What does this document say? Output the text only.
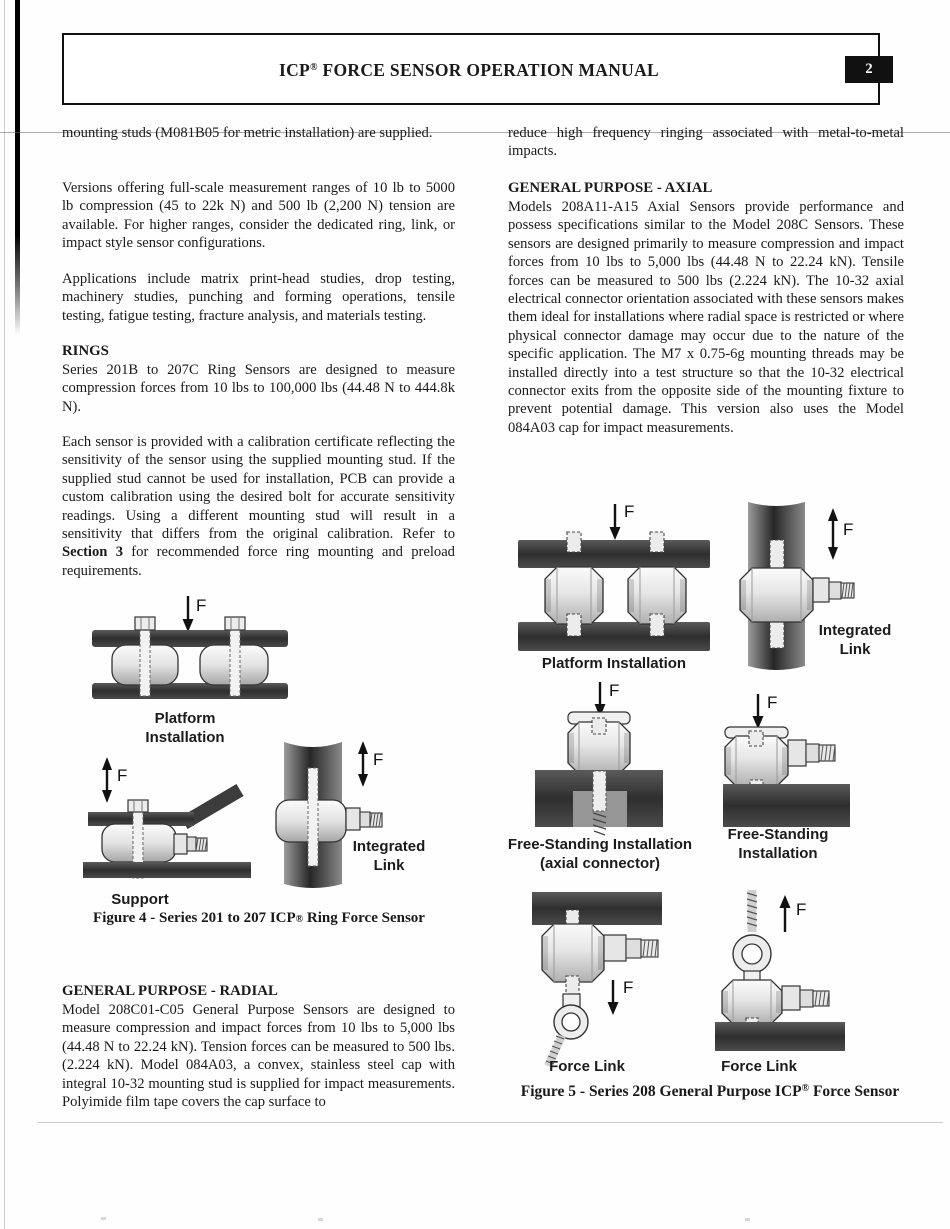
ICP® FORCE SENSOR OPERATION MANUAL	2

mounting studs (M081B05 for metric installation) are supplied.

Versions offering full-scale measurement ranges of 10 lb to 5000 lb compression (45 to 22k N) and 500 lb (2,200 N) tension are available. For higher ranges, consider the dedicated ring, link, or impact style sensor configurations.

Applications include matrix print-head studies, drop testing, machinery studies, punching and forming operations, tensile testing, fatigue testing, fracture analysis, and materials testing.

RINGS

Series 201B to 207C Ring Sensors are designed to measure compression forces from 10 lbs to 100,000 lbs (44.48 N to 444.8k N).

Each sensor is provided with a calibration certificate reflecting the sensitivity of the sensor using the supplied mounting stud. If the supplied stud cannot be used for installation, PCB can provide a custom calibration using the desired bolt for accurate sensitivity readings. Using a different mounting stud will result in a sensitivity that differs from the original calibration. Refer to Section 3 for recommended force ring mounting and preload requirements.

GENERAL PURPOSE - RADIAL

Model 208C01-C05 General Purpose Sensors are designed to measure compression and impact forces from 10 lbs to 5,000 lbs (44.48 N to 22.24 kN). Tension forces can be measured to 500 lbs. (2.224 kN). Model 084A03, a convex, stainless steel cap with integral 10-32 mounting stud is supplied for impact measurements. Polyimide film tape covers the cap surface to

reduce high frequency ringing associated with metal-to-metal impacts.

GENERAL PURPOSE - AXIAL

Models 208A11-A15 Axial Sensors provide performance and possess specifications similar to the Model 208C Sensors. These sensors are designed primarily to measure compression and impact forces from 10 lbs to 5,000 lbs (44.48 N to 22.24 kN). Tensile forces can be measured to 500 lbs (2.224 kN). The 10-32 axial electrical connector orientation associated with these sensors makes them ideal for installations where radial space is restricted or where physical connector damage may occur due to the nature of the specific application. The M7 x 0.75-6g mounting threads may be installed directly into a test structure so that the 10-32 electrical connector exits from the opposite side of the mounting fixture to prevent potential damage. This version also uses the Model 084A03 cap for impact measurements.

F
F
F
Platform
Installation
Support
Integrated
Link
Figure 4 - Series 201 to 207 ICP® Ring Force Sensor
F
F
F
F
F
F
Platform Installation
Integrated
Link
Free-Standing Installation
(axial connector)
Free-Standing
Installation
Force Link	Force Link
Figure 5 - Series 208 General Purpose ICP® Force Sensor
